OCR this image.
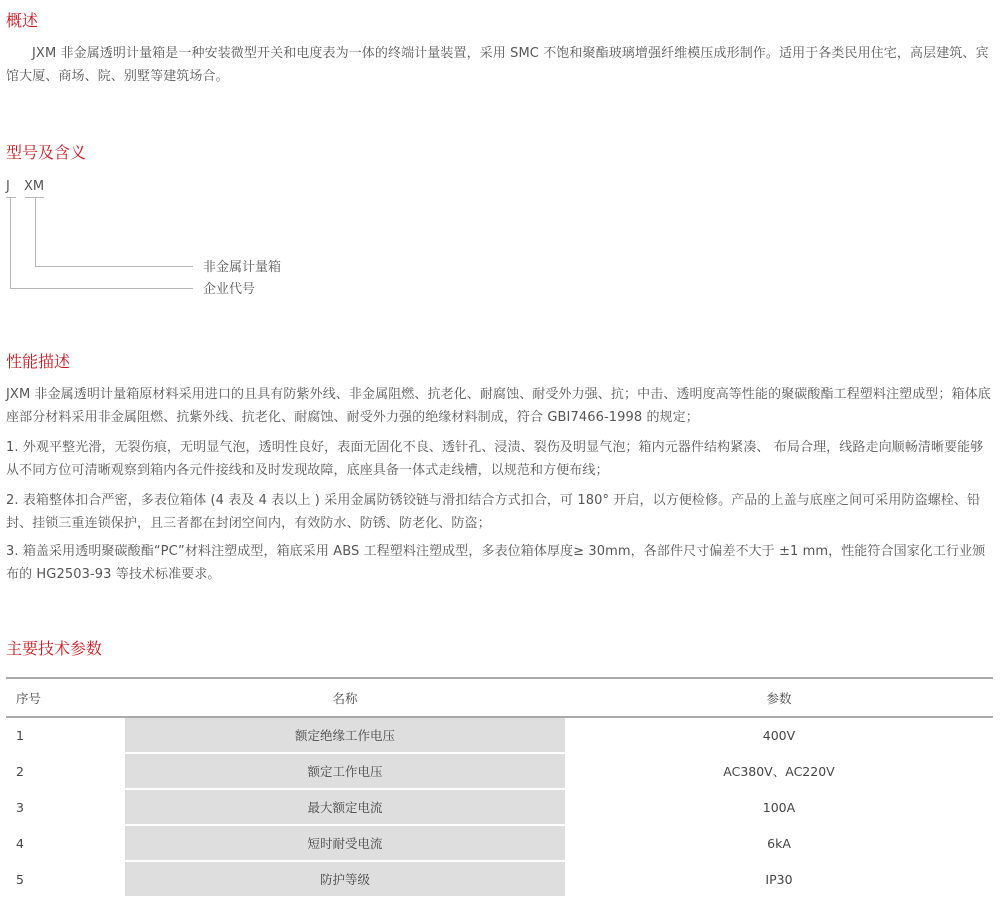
概述

JXM 非金属透明计量箱是一种安装微型开关和电度表为一体的终端计量装置，采用 SMC 不饱和聚酯玻璃增强纤维模压成形制作。适用于各类民用住宅，高层建筑、宾馆大厦、商场、院、别墅等建筑场合。

型号及含义
J XM
非金属计量箱
企业代号
性能描述

JXM 非金属透明计量箱原材料采用进口的且具有防紫外线、非金属阻燃、抗老化、耐腐蚀、耐受外力强、抗；中击、透明度高等性能的聚碳酸酯工程塑料注塑成型；箱体底座部分材料采用非金属阻燃、抗紫外线、抗老化、耐腐蚀、耐受外力强的绝缘材料制成，符合 GBI7466-1998 的规定；

1. 外观平整光滑，无裂伤痕，无明显气泡，透明性良好，表面无固化不良、透针孔、浸渍、裂伤及明显气泡；箱内元器件结构紧凑、 布局合理，线路走向顺畅清晰要能够从不同方位可清晰观察到箱内各元件接线和及时发现故障，底座具备一体式走线槽，以规范和方便布线；

2. 表箱整体扣合严密，多表位箱体 (4 表及 4 表以上 ) 采用金属防锈铰链与滑扣结合方式扣合，可 180° 开启，以方便检修。产品的上盖与底座之间可采用防盗螺栓、铅封、挂锁三重连锁保护，且三者都在封闭空间内，有效防水、防锈、防老化、防盗；

3. 箱盖采用透明聚碳酸酯“PC”材料注塑成型，箱底采用 ABS 工程塑料注塑成型，多表位箱体厚度≥ 30mm，各部件尺寸偏差不大于 ±1 mm，性能符合国家化工行业颁布的 HG2503-93 等技术标准要求。

主要技术参数
序号	名称	参数
1	额定绝缘工作电压	400V
2	额定工作电压	AC380V、AC220V
3	最大额定电流	100A
4	短时耐受电流	6kA
5	防护等级	IP30
